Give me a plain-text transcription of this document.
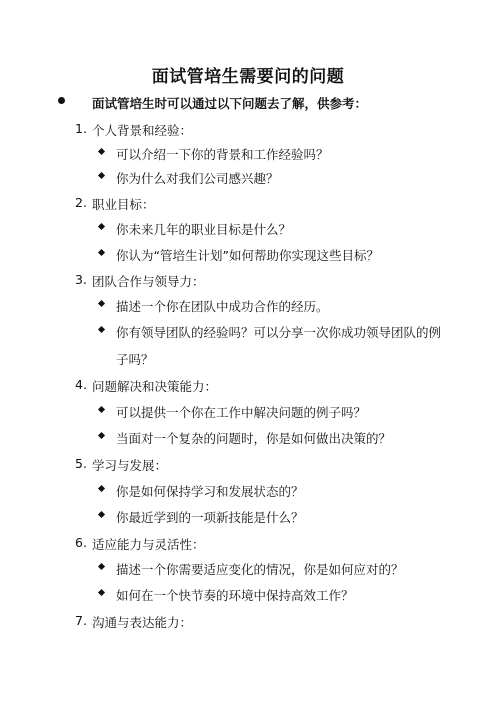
面试管培生需要问的问题
面试管培生时可以通过以下问题去了解，供参考：
1. 个人背景和经验：
可以介绍一下你的背景和工作经验吗？
你为什么对我们公司感兴趣？
2. 职业目标：
你未来几年的职业目标是什么？
你认为“管培生计划”如何帮助你实现这些目标？
3. 团队合作与领导力：
描述一个你在团队中成功合作的经历。
你有领导团队的经验吗？可以分享一次你成功领导团队的例
子吗？
4. 问题解决和决策能力：
可以提供一个你在工作中解决问题的例子吗？
当面对一个复杂的问题时，你是如何做出决策的？
5. 学习与发展：
你是如何保持学习和发展状态的？
你最近学到的一项新技能是什么？
6. 适应能力与灵活性：
描述一个你需要适应变化的情况，你是如何应对的？
如何在一个快节奏的环境中保持高效工作？
7. 沟通与表达能力：
